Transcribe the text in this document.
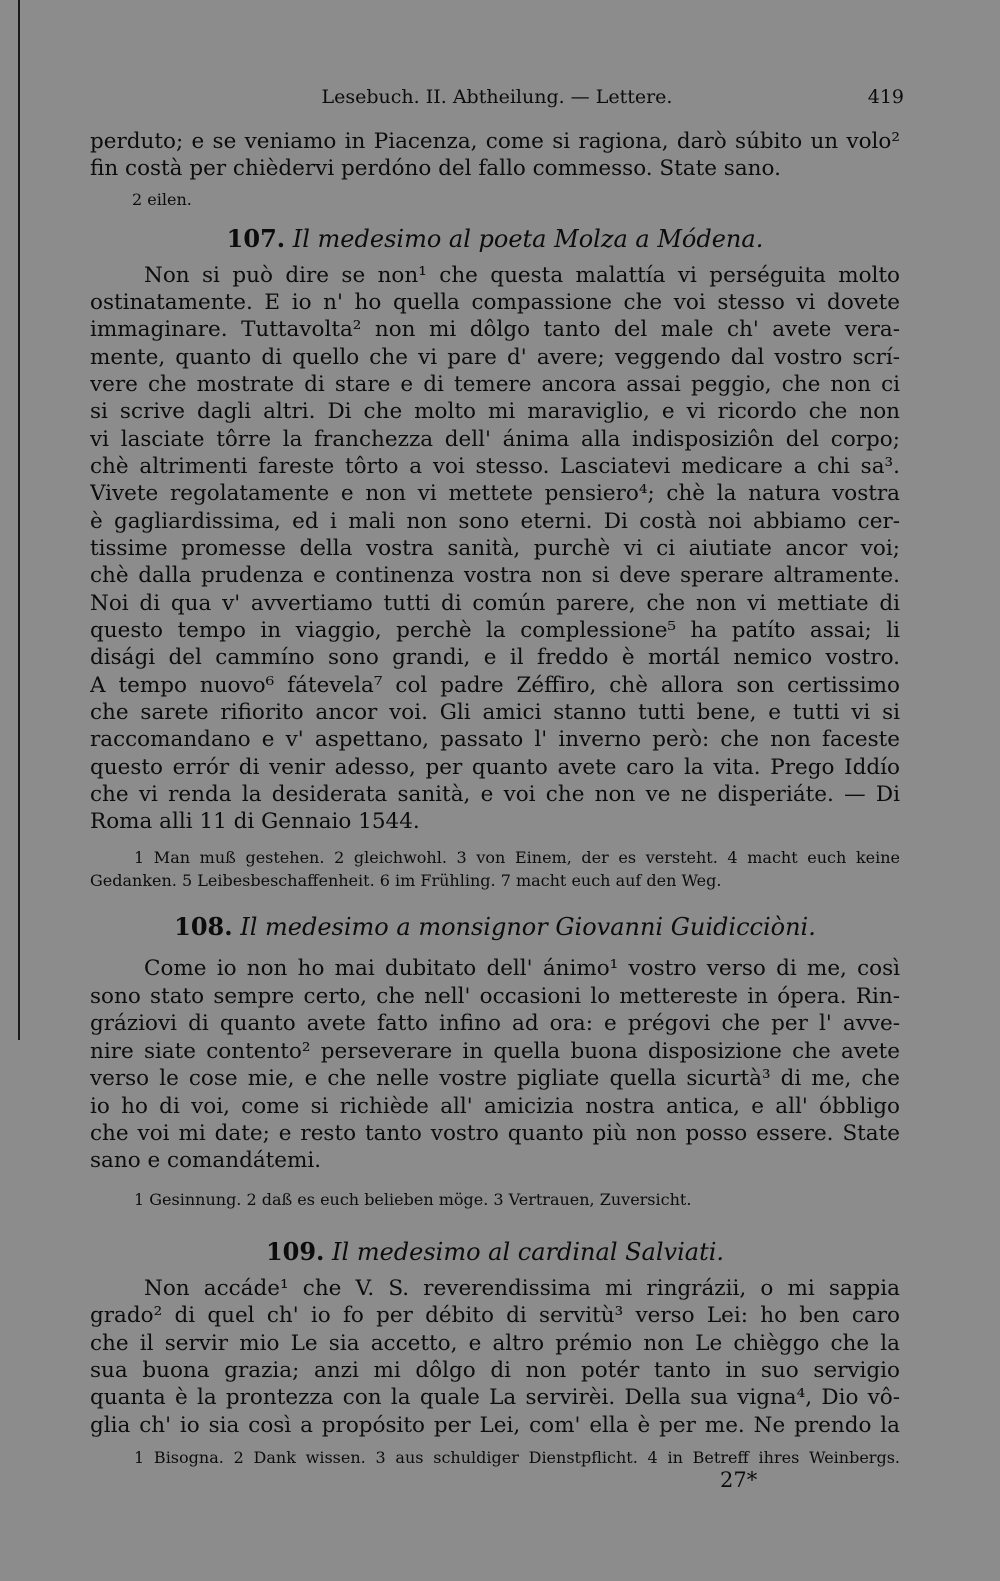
Lesebuch. II. Abtheilung. — Lettere.	419
perduto; e se veniamo in Piacenza, come si ragiona, darò súbito un volo²
fin costà per chièdervi perdóno del fallo commesso. State sano.
2 eilen.
107. Il medesimo al poeta Molza a Módena.
Non si può dire se non¹ che questa malattía vi perséguita molto
ostinatamente. E io n' ho quella compassione che voi stesso vi dovete
immaginare. Tuttavolta² non mi dôlgo tanto del male ch' avete vera-
mente, quanto di quello che vi pare d' avere; veggendo dal vostro scrí-
vere che mostrate di stare e di temere ancora assai peggio, che non ci
si scrive dagli altri. Di che molto mi maraviglio, e vi ricordo che non
vi lasciate tôrre la franchezza dell' ánima alla indisposiziôn del corpo;
chè altrimenti fareste tôrto a voi stesso. Lasciatevi medicare a chi sa³.
Vivete regolatamente e non vi mettete pensiero⁴; chè la natura vostra
è gagliardissima, ed i mali non sono eterni. Di costà noi abbiamo cer-
tissime promesse della vostra sanità, purchè vi ci aiutiate ancor voi;
chè dalla prudenza e continenza vostra non si deve sperare altramente.
Noi di qua v' avvertiamo tutti di común parere, che non vi mettiate di
questo tempo in viaggio, perchè la complessione⁵ ha patíto assai; li
disági del cammíno sono grandi, e il freddo è mortál nemico vostro.
A tempo nuovo⁶ fátevela⁷ col padre Zéffiro, chè allora son certissimo
che sarete rifiorito ancor voi. Gli amici stanno tutti bene, e tutti vi si
raccomandano e v' aspettano, passato l' inverno però: che non faceste
questo errór di venir adesso, per quanto avete caro la vita. Prego Iddío
che vi renda la desiderata sanità, e voi che non ve ne disperiáte. — Di
Roma alli 11 di Gennaio 1544.
1 Man muß gestehen. 2 gleichwohl. 3 von Einem, der es versteht. 4 macht euch keine
Gedanken. 5 Leibesbeschaffenheit. 6 im Frühling. 7 macht euch auf den Weg.
108. Il medesimo a monsignor Giovanni Guidicciòni.
Come io non ho mai dubitato dell' ánimo¹ vostro verso di me, così
sono stato sempre certo, che nell' occasioni lo mettereste in ópera. Rin-
gráziovi di quanto avete fatto infino ad ora: e prégovi che per l' avve-
nire siate contento² perseverare in quella buona disposizione che avete
verso le cose mie, e che nelle vostre pigliate quella sicurtà³ di me, che
io ho di voi, come si richiède all' amicizia nostra antica, e all' óbbligo
che voi mi date; e resto tanto vostro quanto più non posso essere. State
sano e comandátemi.
1 Gesinnung. 2 daß es euch belieben möge. 3 Vertrauen, Zuversicht.
109. Il medesimo al cardinal Salviati.
Non accáde¹ che V. S. reverendissima mi ringrázii, o mi sappia
grado² di quel ch' io fo per débito di servitù³ verso Lei: ho ben caro
che il servir mio Le sia accetto, e altro prémio non Le chièggo che la
sua buona grazia; anzi mi dôlgo di non potér tanto in suo servigio
quanta è la prontezza con la quale La servirèi. Della sua vigna⁴, Dio vô-
glia ch' io sia così a propósito per Lei, com' ella è per me. Ne prendo la
1 Bisogna. 2 Dank wissen. 3 aus schuldiger Dienstpflicht. 4 in Betreff ihres Weinbergs.
27*
